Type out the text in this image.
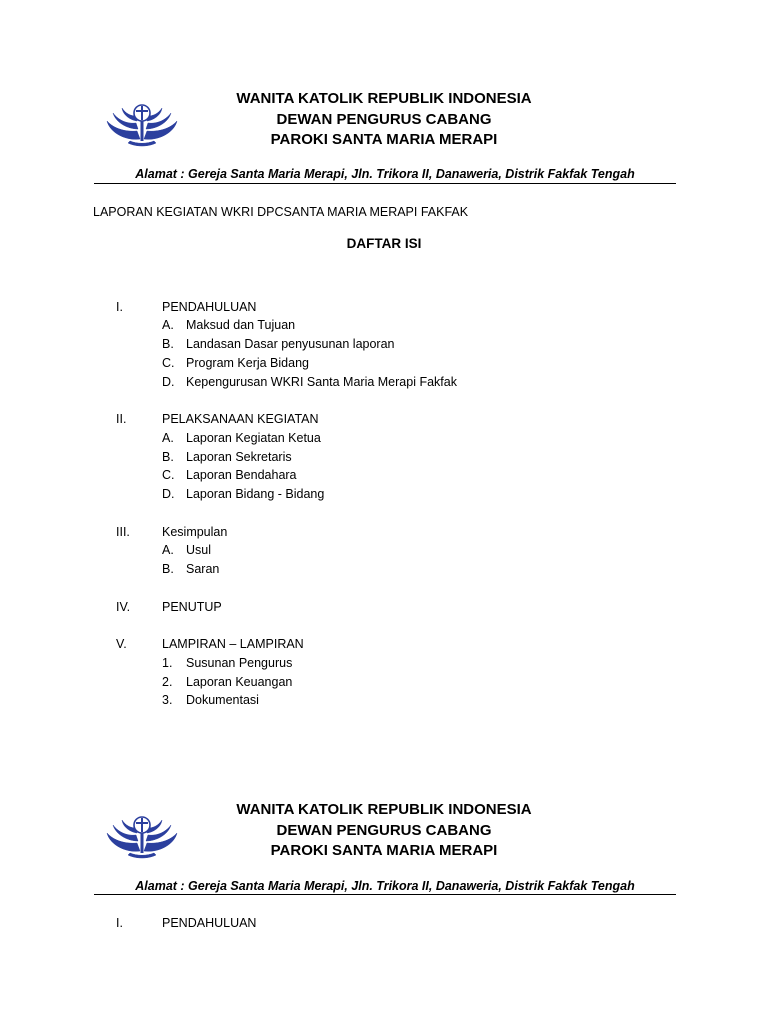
WANITA KATOLIK REPUBLIK INDONESIA
DEWAN PENGURUS CABANG
PAROKI SANTA MARIA MERAPI
Alamat : Gereja Santa Maria Merapi, Jln. Trikora II, Danaweria, Distrik Fakfak Tengah
LAPORAN KEGIATAN WKRI DPCSANTA MARIA MERAPI FAKFAK
DAFTAR ISI
I.	PENDAHULUAN
A. Maksud dan Tujuan
B. Landasan Dasar penyusunan laporan
C. Program Kerja Bidang
D. Kepengurusan WKRI Santa Maria Merapi Fakfak
II.	PELAKSANAAN KEGIATAN
A. Laporan Kegiatan Ketua
B. Laporan Sekretaris
C. Laporan Bendahara
D. Laporan Bidang - Bidang
III.	Kesimpulan
A. Usul
B. Saran
IV.	PENUTUP
V.	LAMPIRAN – LAMPIRAN
1. Susunan Pengurus
2. Laporan Keuangan
3. Dokumentasi
WANITA KATOLIK REPUBLIK INDONESIA
DEWAN PENGURUS CABANG
PAROKI SANTA MARIA MERAPI
Alamat : Gereja Santa Maria Merapi, Jln. Trikora II, Danaweria, Distrik Fakfak Tengah
I.	PENDAHULUAN
